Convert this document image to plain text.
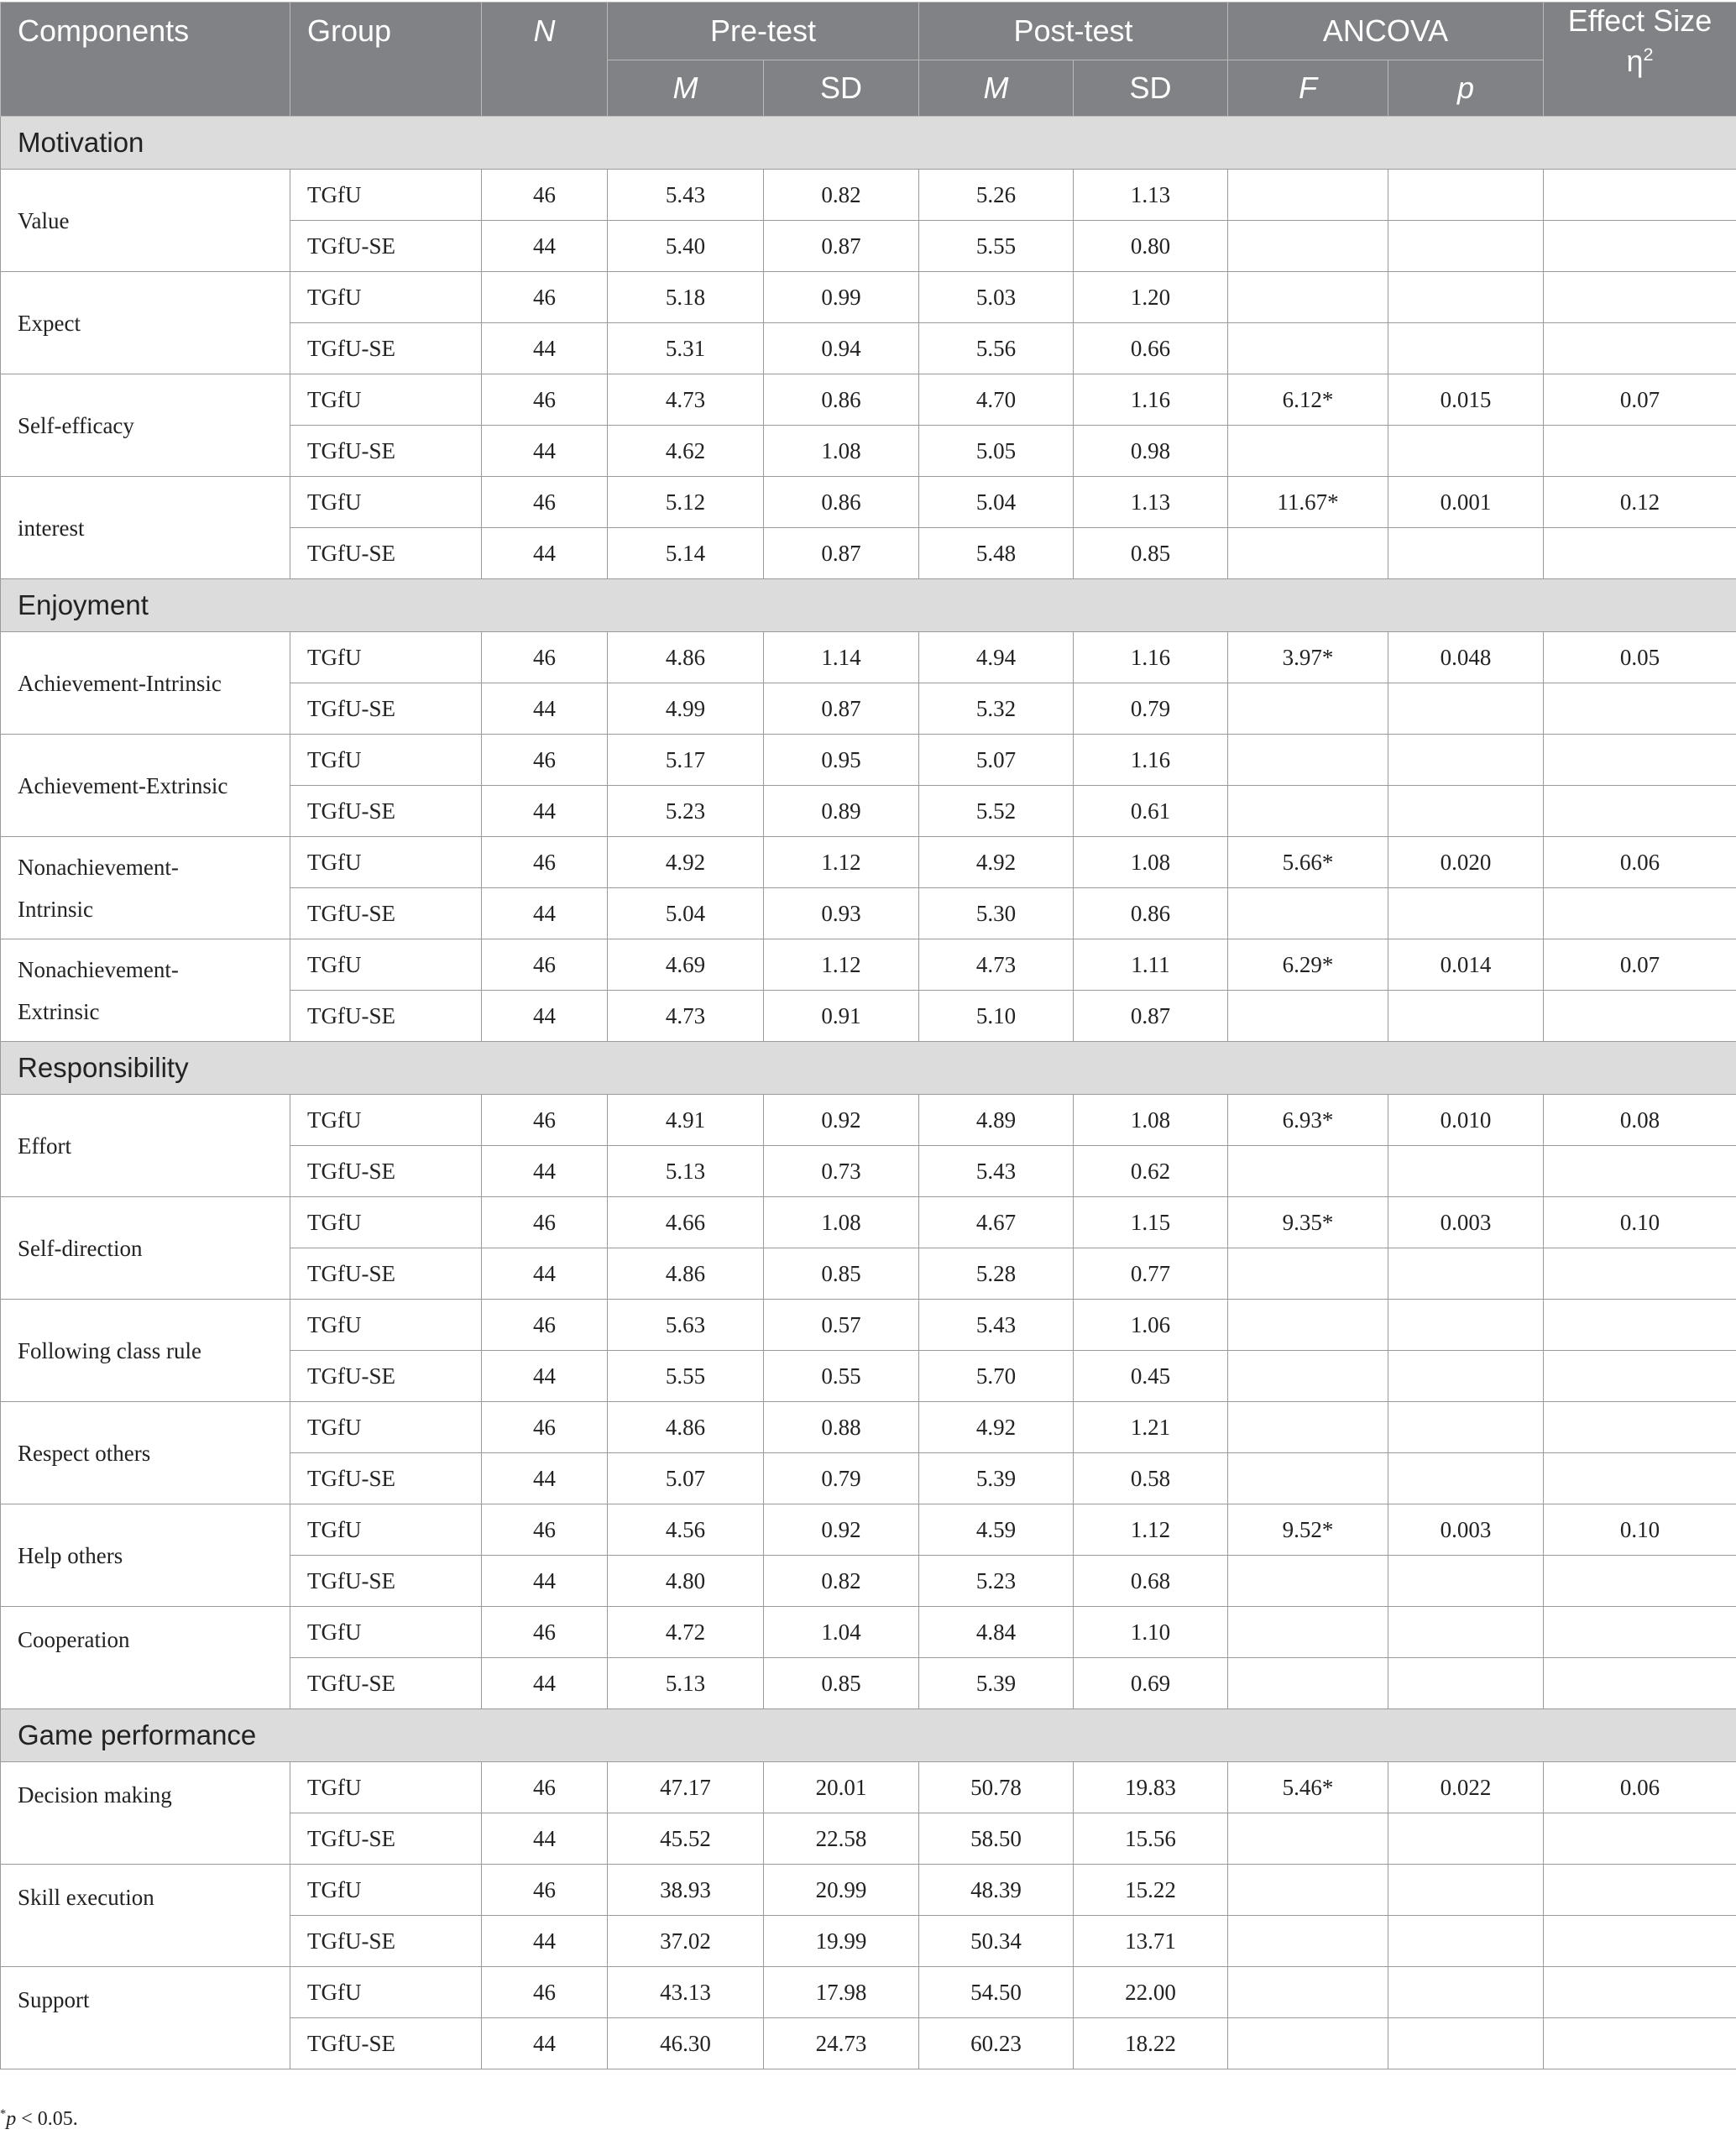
Components	Group	N	Pre-test		Post-test		ANCOVA		Effect Size
$\eta^2$

			M	SD	M	SD	F	p	
Motivation									

Value	TGfU	46	5.43	0.82	5.26	1.13			
	TGfU-SE	44	5.40	0.87	5.55	0.80			

Expect	TGfU	46	5.18	0.99	5.03	1.20			
	TGfU-SE	44	5.31	0.94	5.56	0.66			

Self-efficacy	TGfU	46	4.73	0.86	4.70	1.16	6.12*	0.015	0.07
	TGfU-SE	44	4.62	1.08	5.05	0.98			

interest	TGfU	46	5.12	0.86	5.04	1.13	11.67*	0.001	0.12
	TGfU-SE	44	5.14	0.87	5.48	0.85			
Enjoyment									

Achievement-Intrinsic	TGfU	46	4.86	1.14	4.94	1.16	3.97*	0.048	0.05
	TGfU-SE	44	4.99	0.87	5.32	0.79			

Achievement-Extrinsic	TGfU	46	5.17	0.95	5.07	1.16			
	TGfU-SE	44	5.23	0.89	5.52	0.61			

Nonachievement-
Intrinsic	TGfU	46	4.92	1.12	4.92	1.08	5.66*	0.020	0.06
	TGfU-SE	44	5.04	0.93	5.30	0.86			

Nonachievement-
Extrinsic	TGfU	46	4.69	1.12	4.73	1.11	6.29*	0.014	0.07
	TGfU-SE	44	4.73	0.91	5.10	0.87			
Responsibility									

Effort	TGfU	46	4.91	0.92	4.89	1.08	6.93*	0.010	0.08
	TGfU-SE	44	5.13	0.73	5.43	0.62			

Self-direction	TGfU	46	4.66	1.08	4.67	1.15	9.35*	0.003	0.10
	TGfU-SE	44	4.86	0.85	5.28	0.77			

Following class rule	TGfU	46	5.63	0.57	5.43	1.06			
	TGfU-SE	44	5.55	0.55	5.70	0.45			

Respect others	TGfU	46	4.86	0.88	4.92	1.21			
	TGfU-SE	44	5.07	0.79	5.39	0.58			

Help others	TGfU	46	4.56	0.92	4.59	1.12	9.52*	0.003	0.10
	TGfU-SE	44	4.80	0.82	5.23	0.68			

Cooperation	TGfU	46	4.72	1.04	4.84	1.10			
	TGfU-SE	44	5.13	0.85	5.39	0.69			
Game performance									

Decision making	TGfU	46	47.17	20.01	50.78	19.83	5.46*	0.022	0.06
	TGfU-SE	44	45.52	22.58	58.50	15.56			

Skill execution	TGfU	46	38.93	20.99	48.39	15.22			
	TGfU-SE	44	37.02	19.99	50.34	13.71			

Support	TGfU	46	43.13	17.98	54.50	22.00			
	TGfU-SE	44	46.30	24.73	60.23	18.22			
*p < 0.05.
